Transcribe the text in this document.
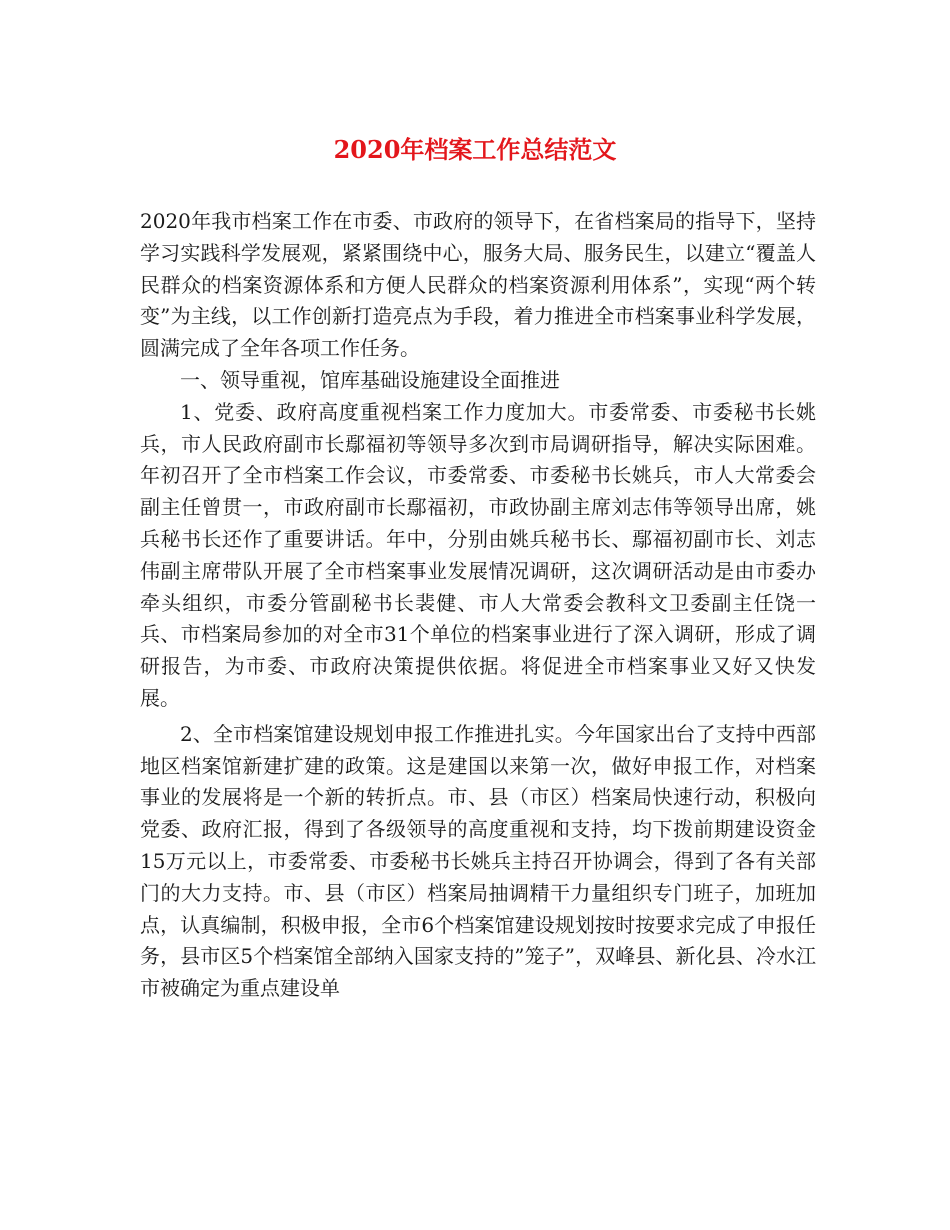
2020年档案工作总结范文

2020年我市档案工作在市委、市政府的领导下，在省档案局的指导下，坚持学习实践科学发展观，紧紧围绕中心，服务大局、服务民生，以建立“覆盖人民群众的档案资源体系和方便人民群众的档案资源利用体系”，实现“两个转变”为主线，以工作创新打造亮点为手段，着力推进全市档案事业科学发展，圆满完成了全年各项工作任务。

一、领导重视，馆库基础设施建设全面推进

1、党委、政府高度重视档案工作力度加大。市委常委、市委秘书长姚兵，市人民政府副市长鄢福初等领导多次到市局调研指导，解决实际困难。年初召开了全市档案工作会议，市委常委、市委秘书长姚兵，市人大常委会副主任曾贯一，市政府副市长鄢福初，市政协副主席刘志伟等领导出席，姚兵秘书长还作了重要讲话。年中，分别由姚兵秘书长、鄢福初副市长、刘志伟副主席带队开展了全市档案事业发展情况调研，这次调研活动是由市委办牵头组织，市委分管副秘书长裴健、市人大常委会教科文卫委副主任饶一兵、市档案局参加的对全市31个单位的档案事业进行了深入调研，形成了调研报告，为市委、市政府决策提供依据。将促进全市档案事业又好又快发展。

2、全市档案馆建设规划申报工作推进扎实。今年国家出台了支持中西部地区档案馆新建扩建的政策。这是建国以来第一次，做好申报工作，对档案事业的发展将是一个新的转折点。市、县（市区）档案局快速行动，积极向党委、政府汇报，得到了各级领导的高度重视和支持，均下拨前期建设资金15万元以上，市委常委、市委秘书长姚兵主持召开协调会，得到了各有关部门的大力支持。市、县（市区）档案局抽调精干力量组织专门班子，加班加点，认真编制，积极申报，全市6个档案馆建设规划按时按要求完成了申报任务，县市区5个档案馆全部纳入国家支持的”笼子”，双峰县、新化县、冷水江市被确定为重点建设单
